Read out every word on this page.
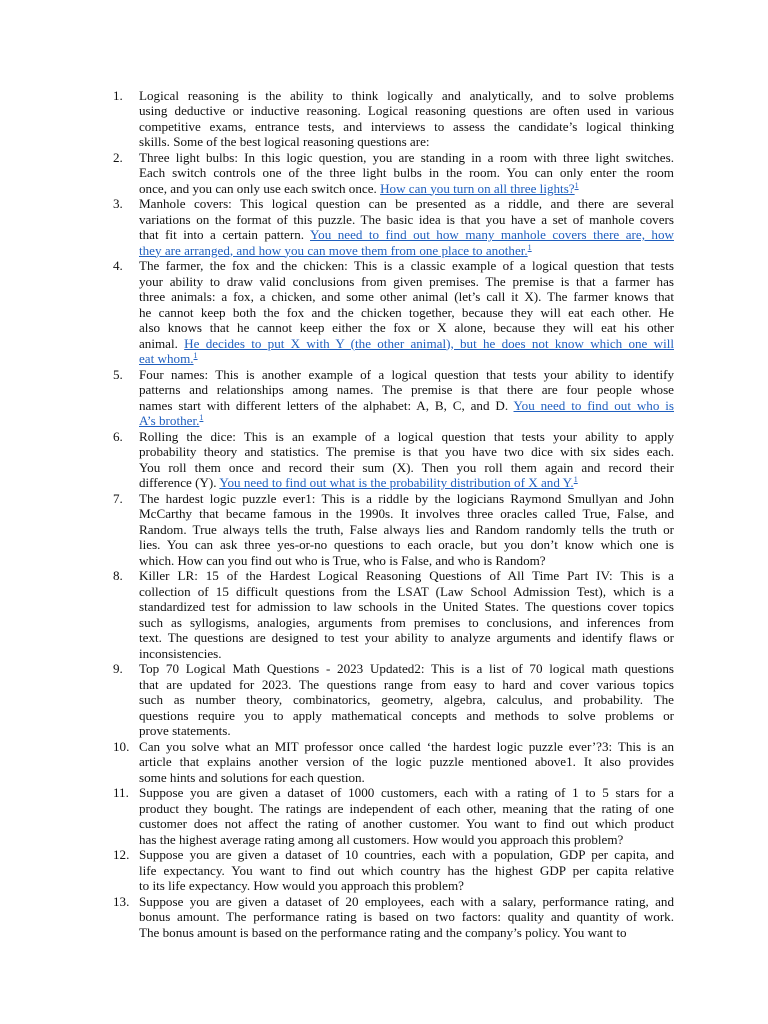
1.	Logical reasoning is the ability to think logically and analytically, and to solve problems
using deductive or inductive reasoning. Logical reasoning questions are often used in various
competitive exams, entrance tests, and interviews to assess the candidate’s logical thinking
skills. Some of the best logical reasoning questions are:
2.	Three light bulbs: In this logic question, you are standing in a room with three light switches.
Each switch controls one of the three light bulbs in the room. You can only enter the room
once, and you can only use each switch once. How can you turn on all three lights?$^1$
3.	Manhole covers: This logical question can be presented as a riddle, and there are several
variations on the format of this puzzle. The basic idea is that you have a set of manhole covers
that fit into a certain pattern. You need to find out how many manhole covers there are, how
they are arranged, and how you can move them from one place to another.$^1$
4.	The farmer, the fox and the chicken: This is a classic example of a logical question that tests
your ability to draw valid conclusions from given premises. The premise is that a farmer has
three animals: a fox, a chicken, and some other animal (let’s call it X). The farmer knows that
he cannot keep both the fox and the chicken together, because they will eat each other. He
also knows that he cannot keep either the fox or X alone, because they will eat his other
animal. He decides to put X with Y (the other animal), but he does not know which one will
eat whom.$^1$
5.	Four names: This is another example of a logical question that tests your ability to identify
patterns and relationships among names. The premise is that there are four people whose
names start with different letters of the alphabet: A, B, C, and D. You need to find out who is
A’s brother.$^1$
6.	Rolling the dice: This is an example of a logical question that tests your ability to apply
probability theory and statistics. The premise is that you have two dice with six sides each.
You roll them once and record their sum (X). Then you roll them again and record their
difference (Y). You need to find out what is the probability distribution of X and Y.$^1$
7.	The hardest logic puzzle ever1: This is a riddle by the logicians Raymond Smullyan and John
McCarthy that became famous in the 1990s. It involves three oracles called True, False, and
Random. True always tells the truth, False always lies and Random randomly tells the truth or
lies. You can ask three yes-or-no questions to each oracle, but you don’t know which one is
which. How can you find out who is True, who is False, and who is Random?
8.	Killer LR: 15 of the Hardest Logical Reasoning Questions of All Time Part IV: This is a
collection of 15 difficult questions from the LSAT (Law School Admission Test), which is a
standardized test for admission to law schools in the United States. The questions cover topics
such as syllogisms, analogies, arguments from premises to conclusions, and inferences from
text. The questions are designed to test your ability to analyze arguments and identify flaws or
inconsistencies.
9.	Top 70 Logical Math Questions - 2023 Updated2: This is a list of 70 logical math questions
that are updated for 2023. The questions range from easy to hard and cover various topics
such as number theory, combinatorics, geometry, algebra, calculus, and probability. The
questions require you to apply mathematical concepts and methods to solve problems or
prove statements.
10. Can you solve what an MIT professor once called ‘the hardest logic puzzle ever’?3: This is an
article that explains another version of the logic puzzle mentioned above1. It also provides
some hints and solutions for each question.
11. Suppose you are given a dataset of 1000 customers, each with a rating of 1 to 5 stars for a
product they bought. The ratings are independent of each other, meaning that the rating of one
customer does not affect the rating of another customer. You want to find out which product
has the highest average rating among all customers. How would you approach this problem?
12. Suppose you are given a dataset of 10 countries, each with a population, GDP per capita, and
life expectancy. You want to find out which country has the highest GDP per capita relative
to its life expectancy. How would you approach this problem?
13. Suppose you are given a dataset of 20 employees, each with a salary, performance rating, and
bonus amount. The performance rating is based on two factors: quality and quantity of work.
The bonus amount is based on the performance rating and the company’s policy. You want to
